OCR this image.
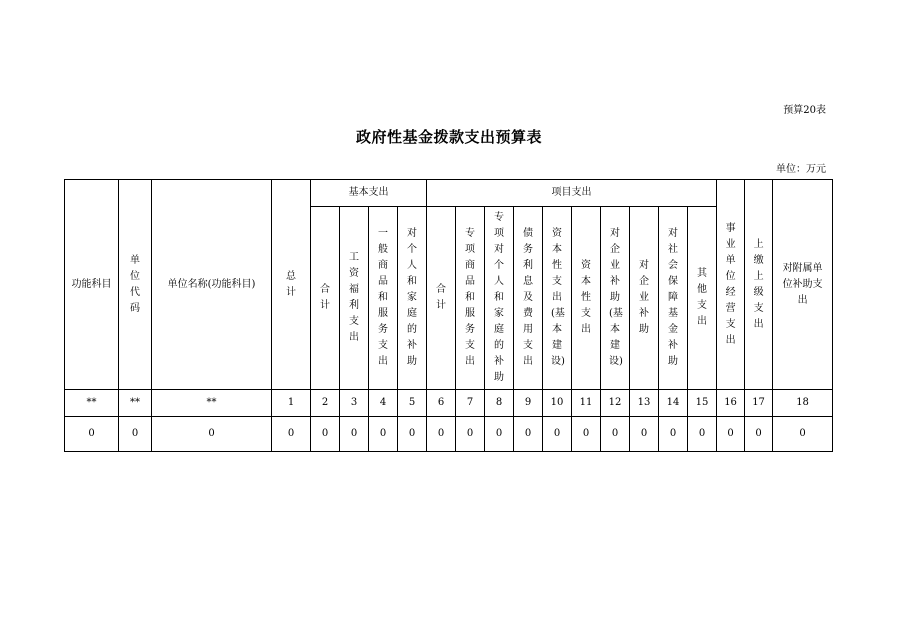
预算20表
政府性基金拨款支出预算表
单位：万元
功能科目	单位代码	单位名称(功能科目)	总计	基本支出				项目支出										事业单位经营支出	上缴上级支出	对附属单位补助支出
				合计	工资福利支出	一般商品和服务支出	对个人和家庭的补助	合计	专项商品和服务支出	专项对个人和家庭的补助	债务利息及费用支出	资本性支出(基本建设)	资本性支出	对企业补助(基本建设)	对企业补助	对社会保障基金补助	其他支出			
**	**	**	1	2	3	4	5	6	7	8	9	10	11	12	13	14	15	16	17	18
0	0	0	0	0	0	0	0	0	0	0	0	0	0	0	0	0	0	0	0	0
